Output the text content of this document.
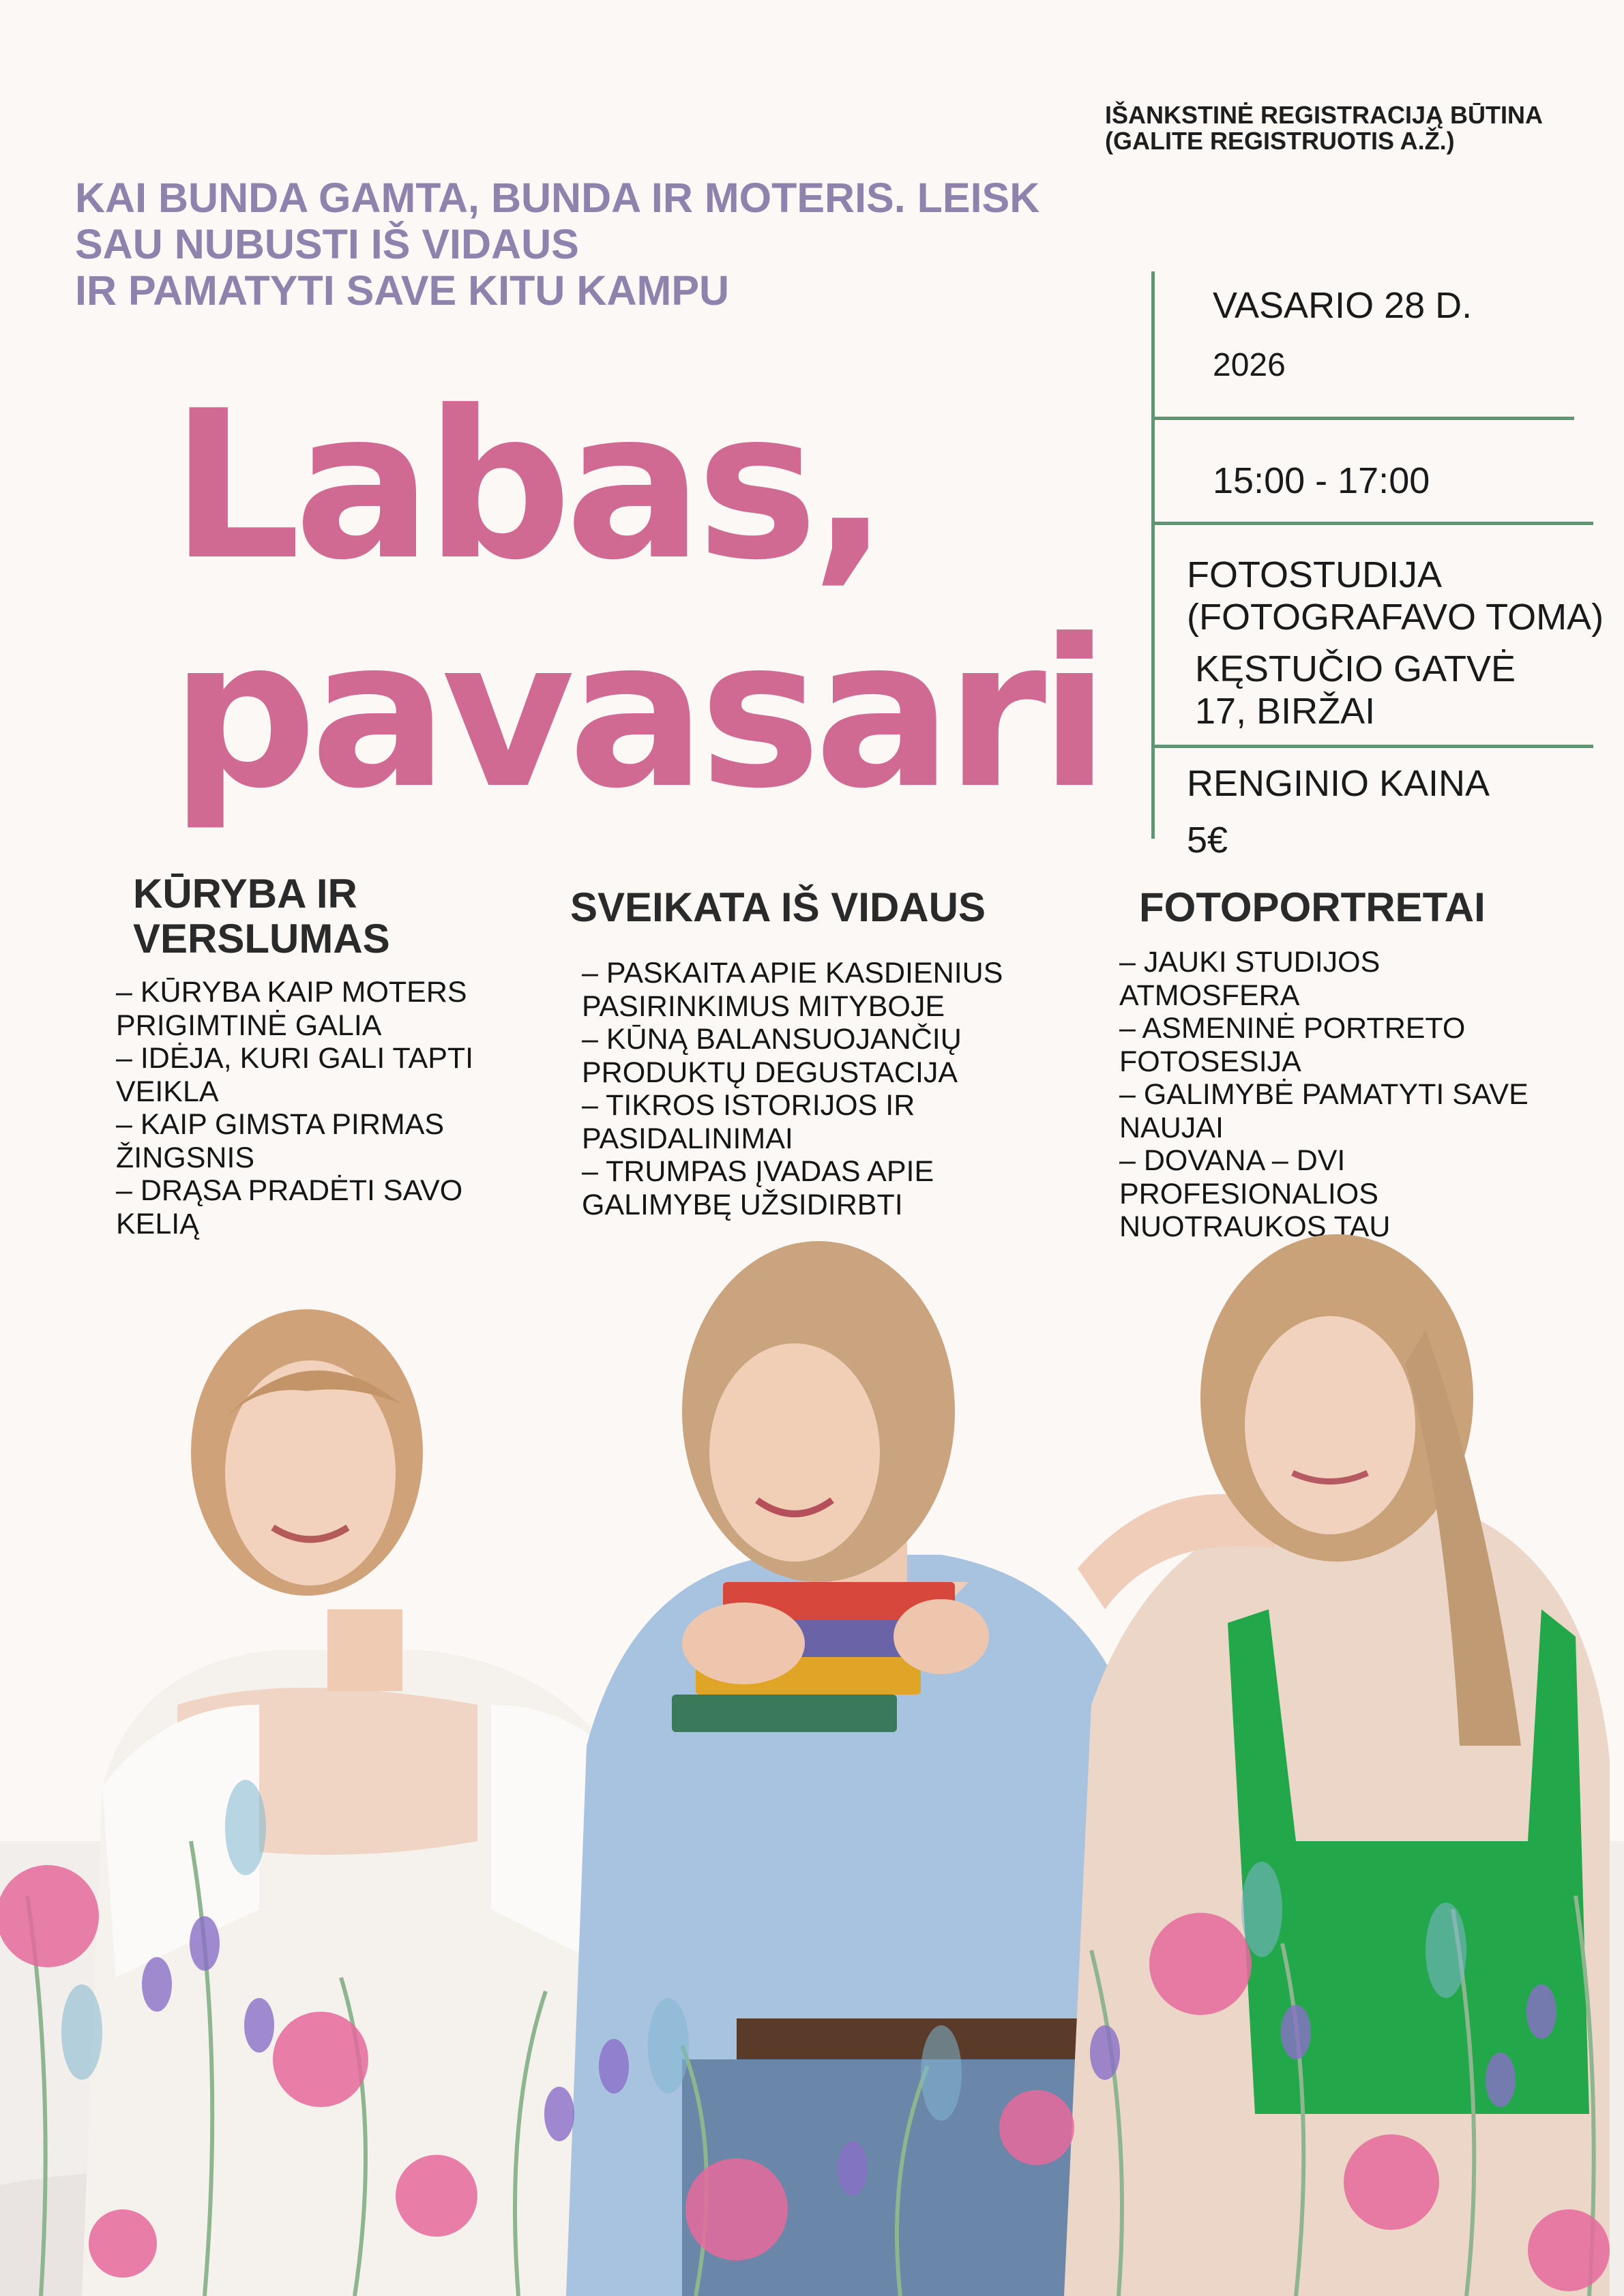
IŠANKSTINĖ REGISTRACIJĄ BŪTINA
(GALITE REGISTRUOTIS A.Ž.)
KAI BUNDA GAMTA, BUNDA IR MOTERIS. LEISK
SAU NUBUSTI IŠ VIDAUS
IR PAMATYTI SAVE KITU KAMPU
Labas,
pavasari
VASARIO 28 D.
2026
15:00 - 17:00
FOTOSTUDIJA
(FOTOGRAFAVO TOMA)
KĘSTUČIO GATVĖ
17, BIRŽAI
RENGINIO KAINA
5€
KŪRYBA IR
VERSLUMAS
– KŪRYBA KAIP MOTERS
PRIGIMTINĖ GALIA
– IDĖJA, KURI GALI TAPTI
VEIKLA
– KAIP GIMSTA PIRMAS
ŽINGSNIS
– DRĄSA PRADĖTI SAVO
KELIĄ
SVEIKATA IŠ VIDAUS
– PASKAITA APIE KASDIENIUS
PASIRINKIMUS MITYBOJE
– KŪNĄ BALANSUOJANČIŲ
PRODUKTŲ DEGUSTACIJA
– TIKROS ISTORIJOS IR
PASIDALINIMAI
– TRUMPAS ĮVADAS APIE
GALIMYBĘ UŽSIDIRBTI
FOTOPORTRETAI
– JAUKI STUDIJOS
ATMOSFERA
– ASMENINĖ PORTRETO
FOTOSESIJA
– GALIMYBĖ PAMATYTI SAVE
NAUJAI
– DOVANA – DVI
PROFESIONALIOS
NUOTRAUKOS TAU
